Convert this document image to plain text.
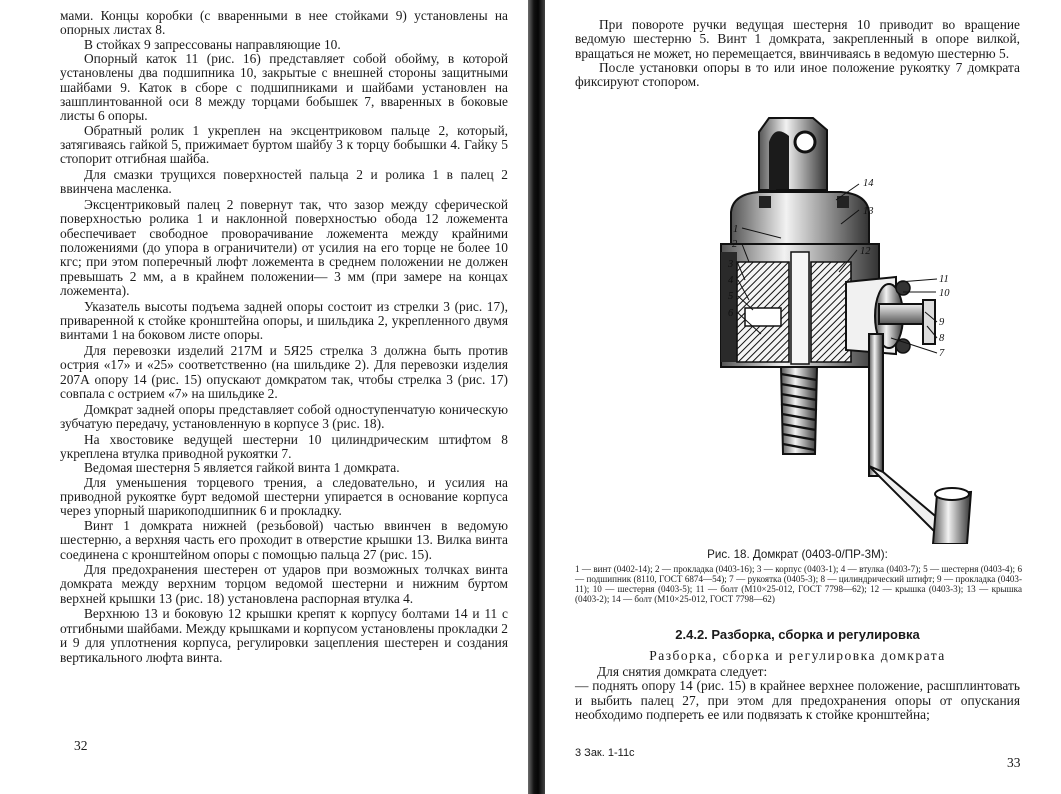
мами. Концы коробки (с вваренными в нее стойками 9) установлены на опорных листах 8.

В стойках 9 запрессованы направляющие 10.

Опорный каток 11 (рис. 16) представляет собой обойму, в которой установлены два подшипника 10, закрытые с внешней стороны защитными шайбами 9. Каток в сборе с подшипниками и шайбами установлен на зашплинтованной оси 8 между торцами бобышек 7, вваренных в боковые листы 6 опоры.

Обратный ролик 1 укреплен на эксцентриковом пальце 2, который, затягиваясь гайкой 5, прижимает буртом шайбу 3 к торцу бобышки 4. Гайку 5 стопорит отгибная шайба.

Для смазки трущихся поверхностей пальца 2 и ролика 1 в палец 2 ввинчена масленка.

Эксцентриковый палец 2 повернут так, что зазор между сферической поверхностью ролика 1 и наклонной поверхностью обода 12 ложемента обеспечивает свободное проворачивание ложемента между крайними положениями (до упора в ограничители) от усилия на его торце не более 10 кгс; при этом поперечный люфт ложемента в среднем положении не должен превышать 2 мм, а в крайнем положении— 3 мм (при замере на концах ложемента).

Указатель высоты подъема задней опоры состоит из стрелки 3 (рис. 17), приваренной к стойке кронштейна опоры, и шильдика 2, укрепленного двумя винтами 1 на боковом листе опоры.

Для перевозки изделий 217М и 5Я25 стрелка 3 должна быть против острия «17» и «25» соответственно (на шильдике 2). Для перевозки изделия 207А опору 14 (рис. 15) опускают домкратом так, чтобы стрелка 3 (рис. 17) совпала с острием «7» на шильдике 2.

Домкрат задней опоры представляет собой одноступенчатую коническую зубчатую передачу, установленную в корпусе 3 (рис. 18).

На хвостовике ведущей шестерни 10 цилиндрическим штифтом 8 укреплена втулка приводной рукоятки 7.

Ведомая шестерня 5 является гайкой винта 1 домкрата.

Для уменьшения торцевого трения, а следовательно, и усилия на приводной рукоятке бурт ведомой шестерни упирается в основание корпуса через упорный шарикоподшипник 6 и прокладку.

Винт 1 домкрата нижней (резьбовой) частью ввинчен в ведомую шестерню, а верхняя часть его проходит в отверстие крышки 13. Вилка винта соединена с кронштейном опоры с помощью пальца 27 (рис. 15).

Для предохранения шестерен от ударов при возможных толчках винта домкрата между верхним торцом ведомой шестерни и нижним буртом верхней крышки 13 (рис. 18) установлена распорная втулка 4.

Верхнюю 13 и боковую 12 крышки крепят к корпусу болтами 14 и 11 с отгибными шайбами. Между крышками и корпусом установлены прокладки 2 и 9 для уплотнения корпуса, регулировки зацепления шестерен и создания вертикального люфта винта.

32

При повороте ручки ведущая шестерня 10 приводит во вращение ведомую шестерню 5. Винт 1 домкрата, закрепленный в опоре вилкой, вращаться не может, но перемещается, ввинчиваясь в ведомую шестерню 5.

После установки опоры в то или иное положение рукоятку 7 домкрата фиксируют стопором.

14
13
12
1
2
3
4
5
6
11
10
9
8
7
Рис. 18. Домкрат (0403-0/ПР-3М):
1 — винт (0402-14); 2 — прокладка (0403-16); 3 — корпус (0403-1); 4 — втулка (0403-7); 5 — шестерня (0403-4); 6 — подшипник (8110, ГОСТ 6874—54); 7 — рукоятка (0405-3); 8 — цилиндрический штифт; 9 — прокладка (0403-11); 10 — шестерня (0403-5); 11 — болт (М10×25-012, ГОСТ 7798—62); 12 — крышка (0403-3); 13 — крышка (0403-2); 14 — болт (М10×25-012, ГОСТ 7798—62)
2.4.2. Разборка, сборка и регулировка
Разборка, сборка и регулировка домкрата

Для снятия домкрата следует:

— поднять опору 14 (рис. 15) в крайнее верхнее положение, расшплинтовать и выбить палец 27, при этом для предохранения опоры от опускания необходимо подпереть ее или подвязать к стойке кронштейна;

3 Зак. 1-11с
33
